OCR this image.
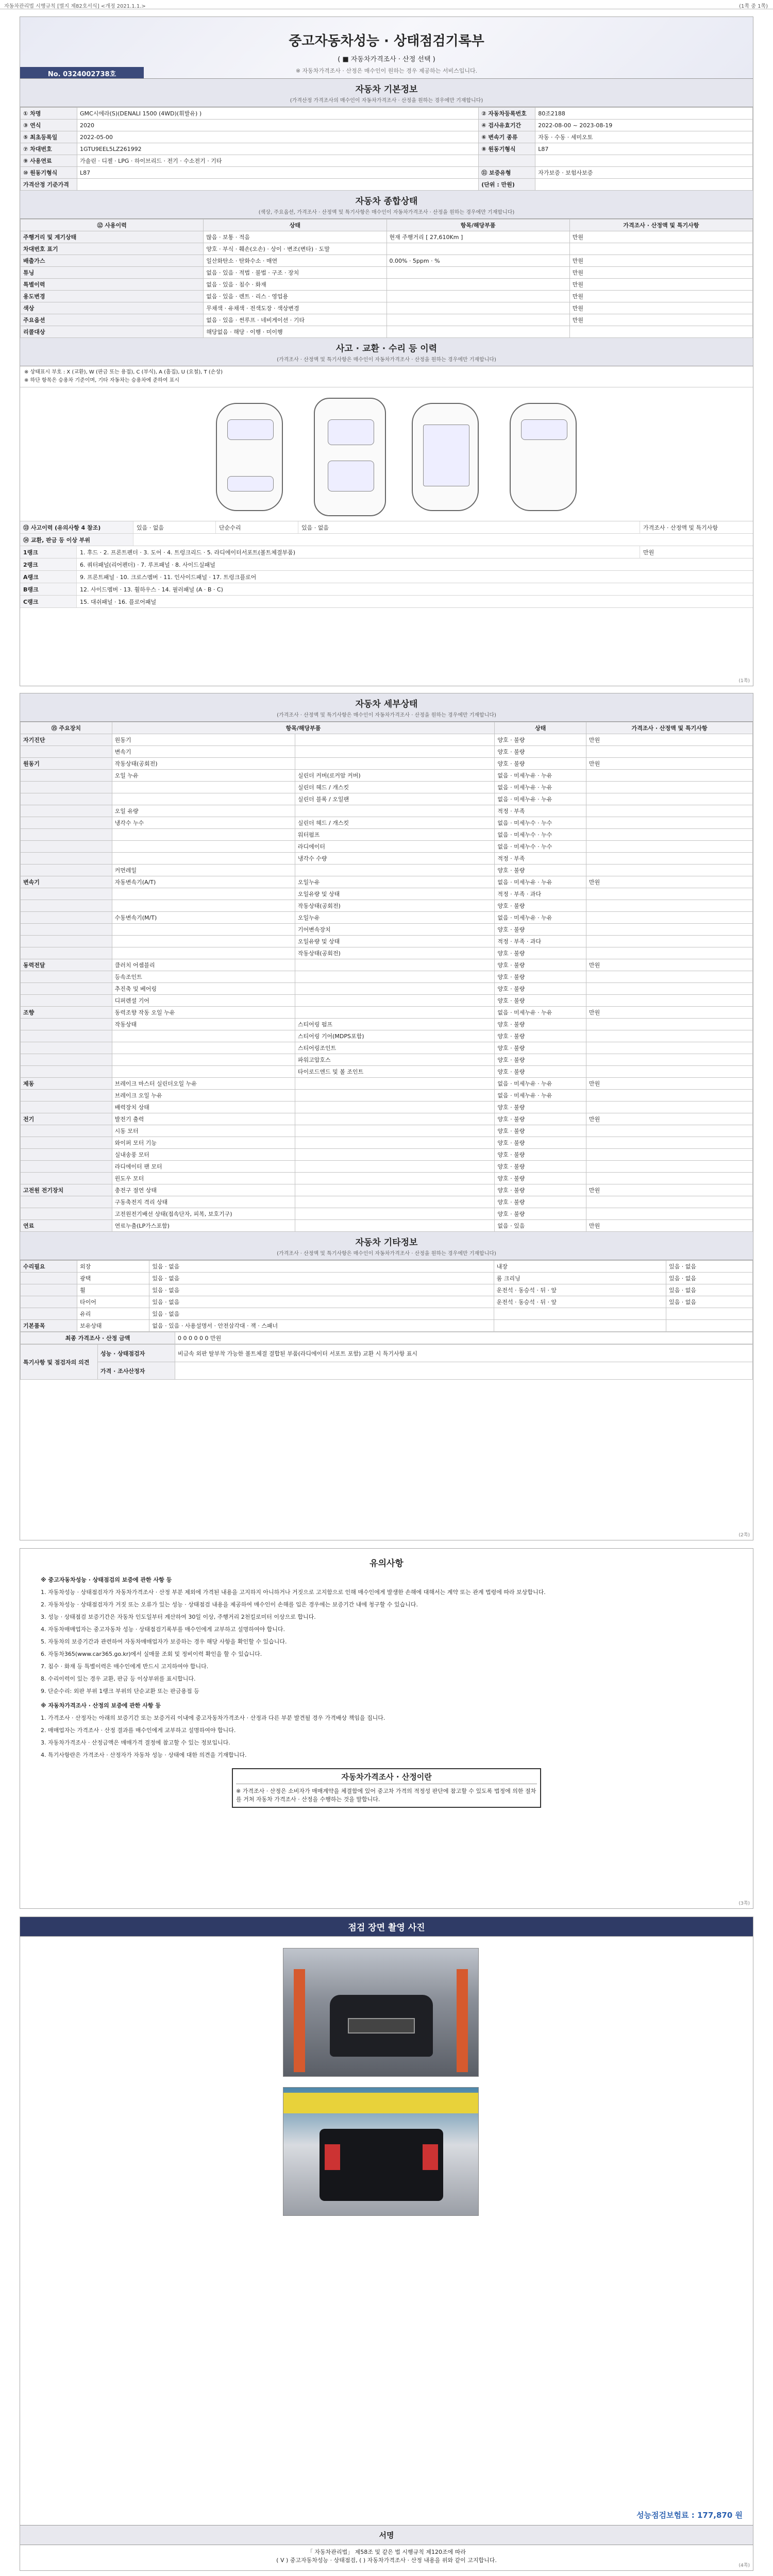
자동차관리법 시행규칙 [별지 제82호서식] <개정 2021.1.1.>	(1쪽 중 1쪽)
중고자동차성능 · 상태점검기록부
( ■ 자동차가격조사 · 산정 선택 )
※ 자동차가격조사 · 산정은 매수인이 원하는 경우 제공하는 서비스입니다.
No. 0324002738호
자동차 기본정보
(가격산정 가격조사의 매수인이 자동차가격조사 · 산정을 원하는 경우에만 기재합니다)
① 차명	GMC시에라(S)(DENALI 1500 (4WD)(휘발유) )	② 자동차등록번호	80조2188
③ 연식	2020	④ 검사유효기간	2022-08-00 ~ 2023-08-19
⑤ 최초등록일	2022-05-00	⑥ 변속기 종류	자동 · 수동 · 세미오토
⑦ 차대번호	1GTU9EEL5LZ261992	⑧ 원동기형식	L87
⑨ 사용연료	가솔린 · 디젤 · LPG · 하이브리드 · 전기 · 수소전기 · 기타		
⑩ 원동기형식	L87	⑪ 보증유형	자가보증 · 보험사보증
가격산정 기준가격		(단위 : 만원)	
자동차 종합상태
(색상, 주요옵션, 가격조사 · 산정액 및 특기사항은 매수인이 자동차가격조사 · 산정을 원하는 경우에만 기재합니다)
⑫ 사용이력	상태	항목/해당부품	가격조사 · 산정액 및 특기사항
주행거리 및 계기상태	많음 · 보통 · 적음	현재 주행거리 [ 27,610Km ]	만원
차대번호 표기	양호 · 부식 · 훼손(오손) · 상이 · 변조(변타) · 도말		
배출가스	일산화탄소 · 탄화수소 · 매연	0.00% · 5ppm · %	만원
튜닝	없음 · 있음 · 적법 · 불법 · 구조 · 장치		만원
특별이력	없음 · 있음 · 침수 · 화재		만원
용도변경	없음 · 있음 · 렌트 · 리스 · 영업용		만원
색상	무채색 · 유채색 · 전색도장 · 색상변경		만원
주요옵션	없음 · 있음 · 썬루프 · 네비게이션 · 기타		만원
리콜대상	해당없음 · 해당 · 이행 · 미이행		
사고 · 교환 · 수리 등 이력
(가격조사 · 산정액 및 특기사항은 매수인이 자동차가격조사 · 산정을 원하는 경우에만 기재합니다)
※ 상태표시 부호 : X (교환), W (판금 또는 용접), C (부식), A (흠집), U (요철), T (손상)
※ 하단 항목은 승용차 기준이며, 기타 자동차는 승용차에 준하여 표시
⑬ 사고이력 (유의사항 4 참조)	있음 · 없음	단순수리	있음 · 없음	가격조사 · 산정액 및 특기사항
⑭ 교환, 판금 등 이상 부위
1랭크	1. 후드 · 2. 프론트펜더 · 3. 도어 · 4. 트렁크리드 · 5. 라디에이터서포트(볼트체결부품)	만원
2랭크	6. 쿼터패널(리어펜더) · 7. 루프패널 · 8. 사이드실패널
A랭크	9. 프론트패널 · 10. 크로스멤버 · 11. 인사이드패널 · 17. 트렁크플로어
B랭크	12. 사이드멤버 · 13. 휠하우스 · 14. 필러패널 (A · B · C)
C랭크	15. 대쉬패널 · 16. 플로어패널
(1쪽)
자동차 세부상태
(가격조사 · 산정액 및 특기사항은 매수인이 자동차가격조사 · 산정을 원하는 경우에만 기재합니다)
⑮ 주요장치	항목/해당부품		상태	가격조사 · 산정액 및 특기사항
자기진단	원동기		양호 · 불량	만원
	변속기		양호 · 불량	
원동기	작동상태(공회전)		양호 · 불량	만원
	오일 누유	실린더 커버(로커암 커버)	없음 · 미세누유 · 누유	
		실린더 헤드 / 개스킷	없음 · 미세누유 · 누유	
		실린더 블록 / 오일팬	없음 · 미세누유 · 누유	
	오일 유량		적정 · 부족	
	냉각수 누수	실린더 헤드 / 개스킷	없음 · 미세누수 · 누수	
		워터펌프	없음 · 미세누수 · 누수	
		라디에이터	없음 · 미세누수 · 누수	
		냉각수 수량	적정 · 부족	
	커먼레일		양호 · 불량	
변속기	자동변속기(A/T)	오일누유	없음 · 미세누유 · 누유	만원
		오일유량 및 상태	적정 · 부족 · 과다	
		작동상태(공회전)	양호 · 불량	
	수동변속기(M/T)	오일누유	없음 · 미세누유 · 누유	
		기어변속장치	양호 · 불량	
		오일유량 및 상태	적정 · 부족 · 과다	
		작동상태(공회전)	양호 · 불량	
동력전달	클러치 어셈블리		양호 · 불량	만원
	등속조인트		양호 · 불량	
	추진축 및 베어링		양호 · 불량	
	디퍼렌셜 기어		양호 · 불량	
조향	동력조향 작동 오일 누유		없음 · 미세누유 · 누유	만원
	작동상태	스티어링 펌프	양호 · 불량	
		스티어링 기어(MDPS포함)	양호 · 불량	
		스티어링조인트	양호 · 불량	
		파워고압호스	양호 · 불량	
		타이로드엔드 및 볼 조인트	양호 · 불량	
제동	브레이크 마스터 실린더오일 누유		없음 · 미세누유 · 누유	만원
	브레이크 오일 누유		없음 · 미세누유 · 누유	
	배력장치 상태		양호 · 불량	
전기	발전기 출력		양호 · 불량	만원
	시동 모터		양호 · 불량	
	와이퍼 모터 기능		양호 · 불량	
	실내송풍 모터		양호 · 불량	
	라디에이터 팬 모터		양호 · 불량	
	윈도우 모터		양호 · 불량	
고전원 전기장치	충전구 절연 상태		양호 · 불량	만원
	구동축전지 격리 상태		양호 · 불량	
	고전원전기배선 상태(접속단자, 피복, 보호기구)		양호 · 불량	
연료	연료누출(LP가스포함)		없음 · 있음	만원
자동차 기타정보
(가격조사 · 산정액 및 특기사항은 매수인이 자동차가격조사 · 산정을 원하는 경우에만 기재합니다)
수리필요	외장	있음 · 없음	내장	있음 · 없음
	광택	있음 · 없음	룸 크리닝	있음 · 없음
	휠	있음 · 없음	운전석 · 동승석 · 뒤 · 앞	있음 · 없음
	타이어	있음 · 없음	운전석 · 동승석 · 뒤 · 앞	있음 · 없음
	유리	있음 · 없음		
기본품목	보유상태	없음 · 있음 · 사용설명서 · 안전삼각대 · 잭 · 스패너		
최종 가격조사 · 산정 금액	0 0 0 0 0 0 만원
특기사항 및 점검자의 의견	성능 · 상태점검자	비금속 외판 탈부착 가능한 볼트체결 결합된 부품(라디에이터 서포트 포함) 교환 시 특기사항 표시
	가격 · 조사산정자	
(2쪽)
유의사항
※ 중고자동차성능 · 상태점검의 보증에 관한 사항 등

1. 자동차성능 · 상태점검자가 자동차가격조사 · 산정 부분 제외에 가격된 내용을 고지하지 아니하거나 거짓으로 고지함으로 인해 매수인에게 발생한 손해에 대해서는 계약 또는 관계 법령에 따라 보상합니다.

2. 자동차성능 · 상태점검자가 거짓 또는 오류가 있는 성능 · 상태점검 내용을 제공하여 매수인이 손해를 입은 경우에는 보증기간 내에 청구할 수 있습니다.

3. 성능 · 상태점검 보증기간은 자동차 인도일부터 계산하여 30일 이상, 주행거리 2천킬로미터 이상으로 합니다.

4. 자동차매매업자는 중고자동차 성능 · 상태점검기록부를 매수인에게 교부하고 설명하여야 합니다.

5. 자동차의 보증기간과 관련하여 자동차매매업자가 보증하는 경우 해당 사항을 확인할 수 있습니다.

6. 자동차365(www.car365.go.kr)에서 실매물 조회 및 정비이력 확인을 할 수 있습니다.

7. 침수 · 화재 등 특별이력은 매수인에게 반드시 고지하여야 합니다.

8. 수리이력이 있는 경우 교환, 판금 등 이상부위를 표시합니다.

9. 단순수리: 외판 부위 1랭크 부위의 단순교환 또는 판금용접 등

※ 자동차가격조사 · 산정의 보증에 관한 사항 등

1. 가격조사 · 산정자는 아래의 보증기간 또는 보증거리 이내에 중고자동차가격조사 · 산정과 다른 부분 발견될 경우 가격배상 책임을 집니다.

2. 매매업자는 가격조사 · 산정 결과를 매수인에게 교부하고 설명하여야 합니다.

3. 자동차가격조사 · 산정금액은 매매가격 결정에 참고할 수 있는 정보입니다.

4. 특기사항란은 가격조사 · 산정자가 자동차 성능 · 상태에 대한 의견을 기재합니다.

자동차가격조사 · 산정이란
※ 가격조사 · 산정은 소비자가 매매계약을 체결함에 있어 중고차 가격의 적정성 판단에 참고할 수 있도록 법정에 의한 절차를 거쳐 자동차 가격조사 · 산정을 수행하는 것을 말합니다.
(3쪽)
점검 장면 촬영 사진
성능점검보험료 : 177,870 원
서명
「 자동차관리법」 제58조 및 같은 법 시행규칙 제120조에 따라
( V ) 중고자동차성능 · 상태점검, ( ) 자동차가격조사 · 산정 내용을 위와 같이 고지합니다.
(4쪽)
